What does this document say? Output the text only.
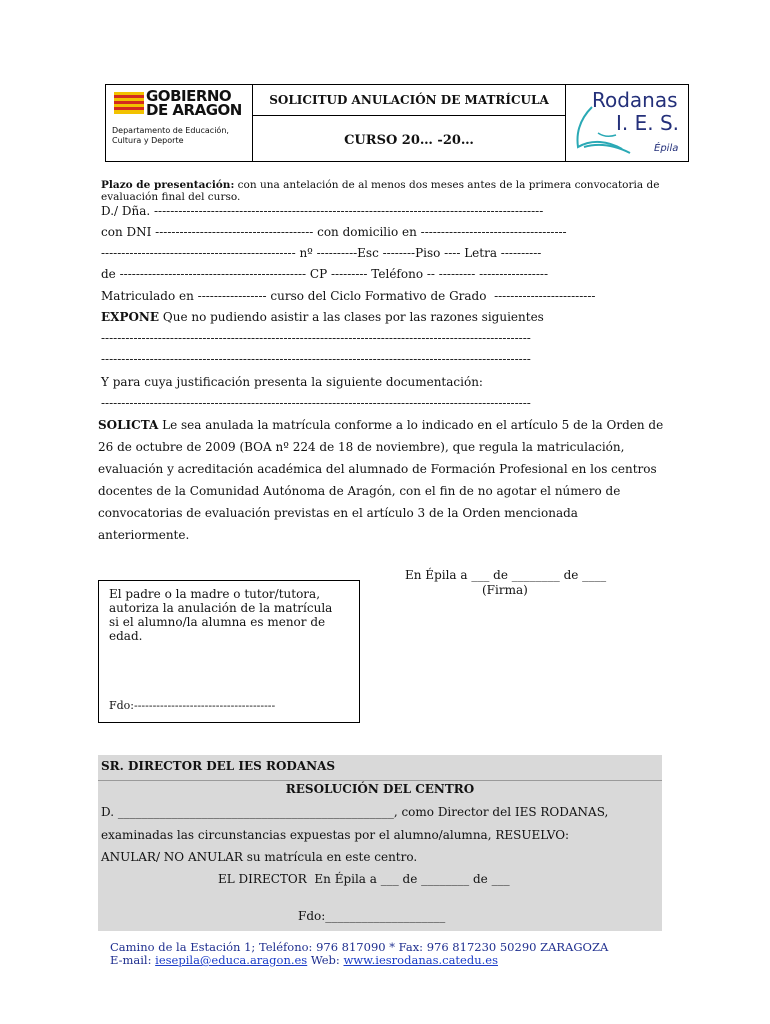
GOBIERNO
DE ARAGON
Departamento de Educación,
Cultura y Deporte
SOLICITUD ANULACIÓN DE MATRÍCULA
CURSO 20… -20…
Rodanas
I. E. S.
Épila
Plazo de presentación: con una antelación de al menos dos meses antes de la primera convocatoria de
evaluación final del curso.
D./ Dña. ------------------------------------------------------------------------------------------------
con DNI --------------------------------------- con domicilio en ------------------------------------
------------------------------------------------ nº ----------Esc --------Piso ---- Letra ----------
de ---------------------------------------------- CP --------- Teléfono -- --------- -----------------
Matriculado en ----------------- curso del Ciclo Formativo de Grado  -------------------------
EXPONE Que no pudiendo asistir a las clases por las razones siguientes
----------------------------------------------------------------------------------------------------------
----------------------------------------------------------------------------------------------------------
Y para cuya justificación presenta la siguiente documentación:
----------------------------------------------------------------------------------------------------------
SOLICTA Le sea anulada la matrícula conforme a lo indicado en el artículo 5 de la Orden de
26 de octubre de 2009 (BOA nº 224 de 18 de noviembre), que regula la matriculación,
evaluación y acreditación académica del alumnado de Formación Profesional en los centros
docentes de la Comunidad Autónoma de Aragón, con el fin de no agotar el número de
convocatorias de evaluación previstas en el artículo 3 de la Orden mencionada
anteriormente.
En Épila a ___ de ________ de ____
(Firma)
El padre o la madre o tutor/tutora,
autoriza la anulación de la matrícula
si el alumno/la alumna es menor de
edad.
Fdo:--------------------------------------
SR. DIRECTOR DEL IES RODANAS
RESOLUCIÓN DEL CENTRO
D. ______________________________________________, como Director del IES RODANAS,
examinadas las circunstancias expuestas por el alumno/alumna, RESUELVO:
ANULAR/ NO ANULAR su matrícula en este centro.
EL DIRECTOR  En Épila a ___ de ________ de ___
Fdo:____________________
Camino de la Estación 1; Teléfono: 976 817090 * Fax: 976 817230 50290 ZARAGOZA
E-mail: iesepila@educa.aragon.es Web: www.iesrodanas.catedu.es
